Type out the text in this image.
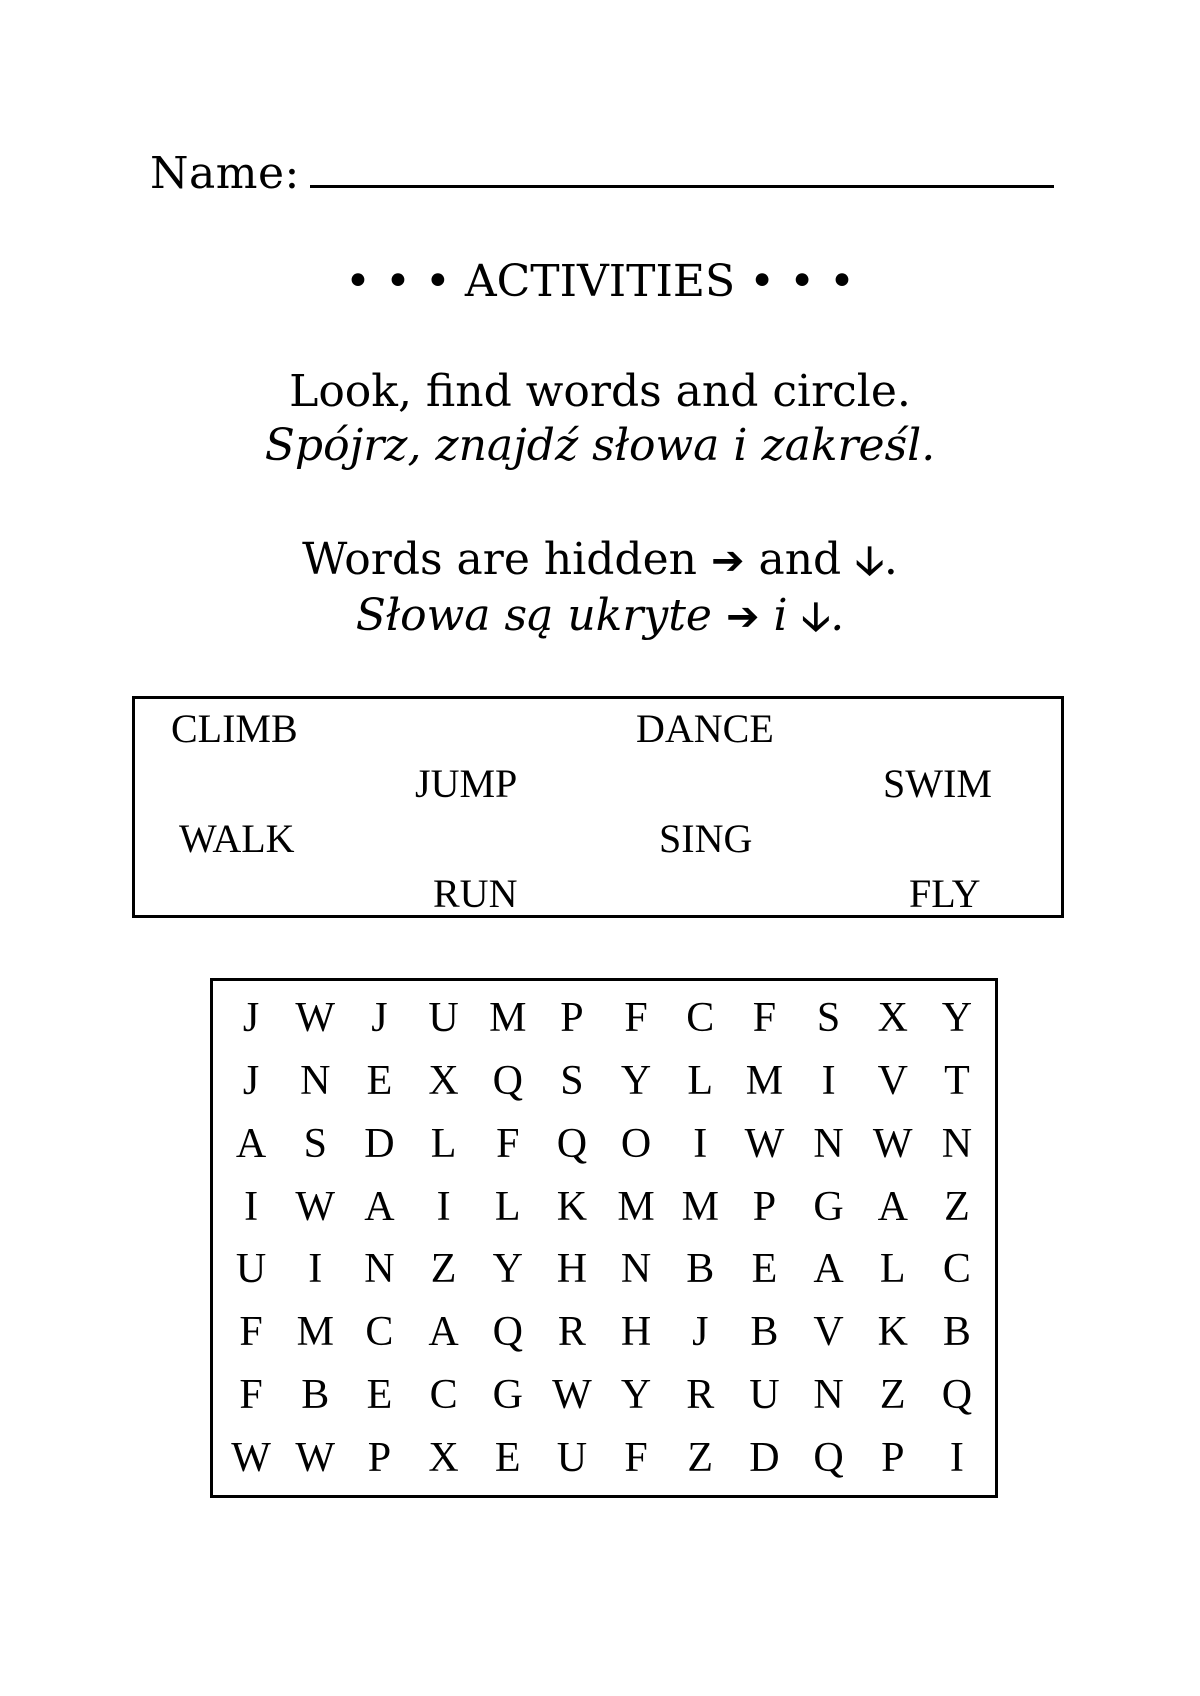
Name:
• • • ACTIVITIES • • •
Look, find words and circle.
Spójrz, znajdź słowa i zakreśl.
Words are hidden ➔ and 🡣.
Słowa są ukryte ➔ i 🡣.
CLIMB	DANCE
JUMP	SWIM
WALK	SING
RUN	FLY
J W J U M P F C F S X Y
J N E X Q S Y L M I	V T
A S D L F Q O	I W N W N
I W A I	L K M M P G A Z
U I	N Z Y H N B E A L C
F M C A Q R H J B V K B
F B E C G W Y R U N Z Q
W W P X E U F Z D Q P	I
